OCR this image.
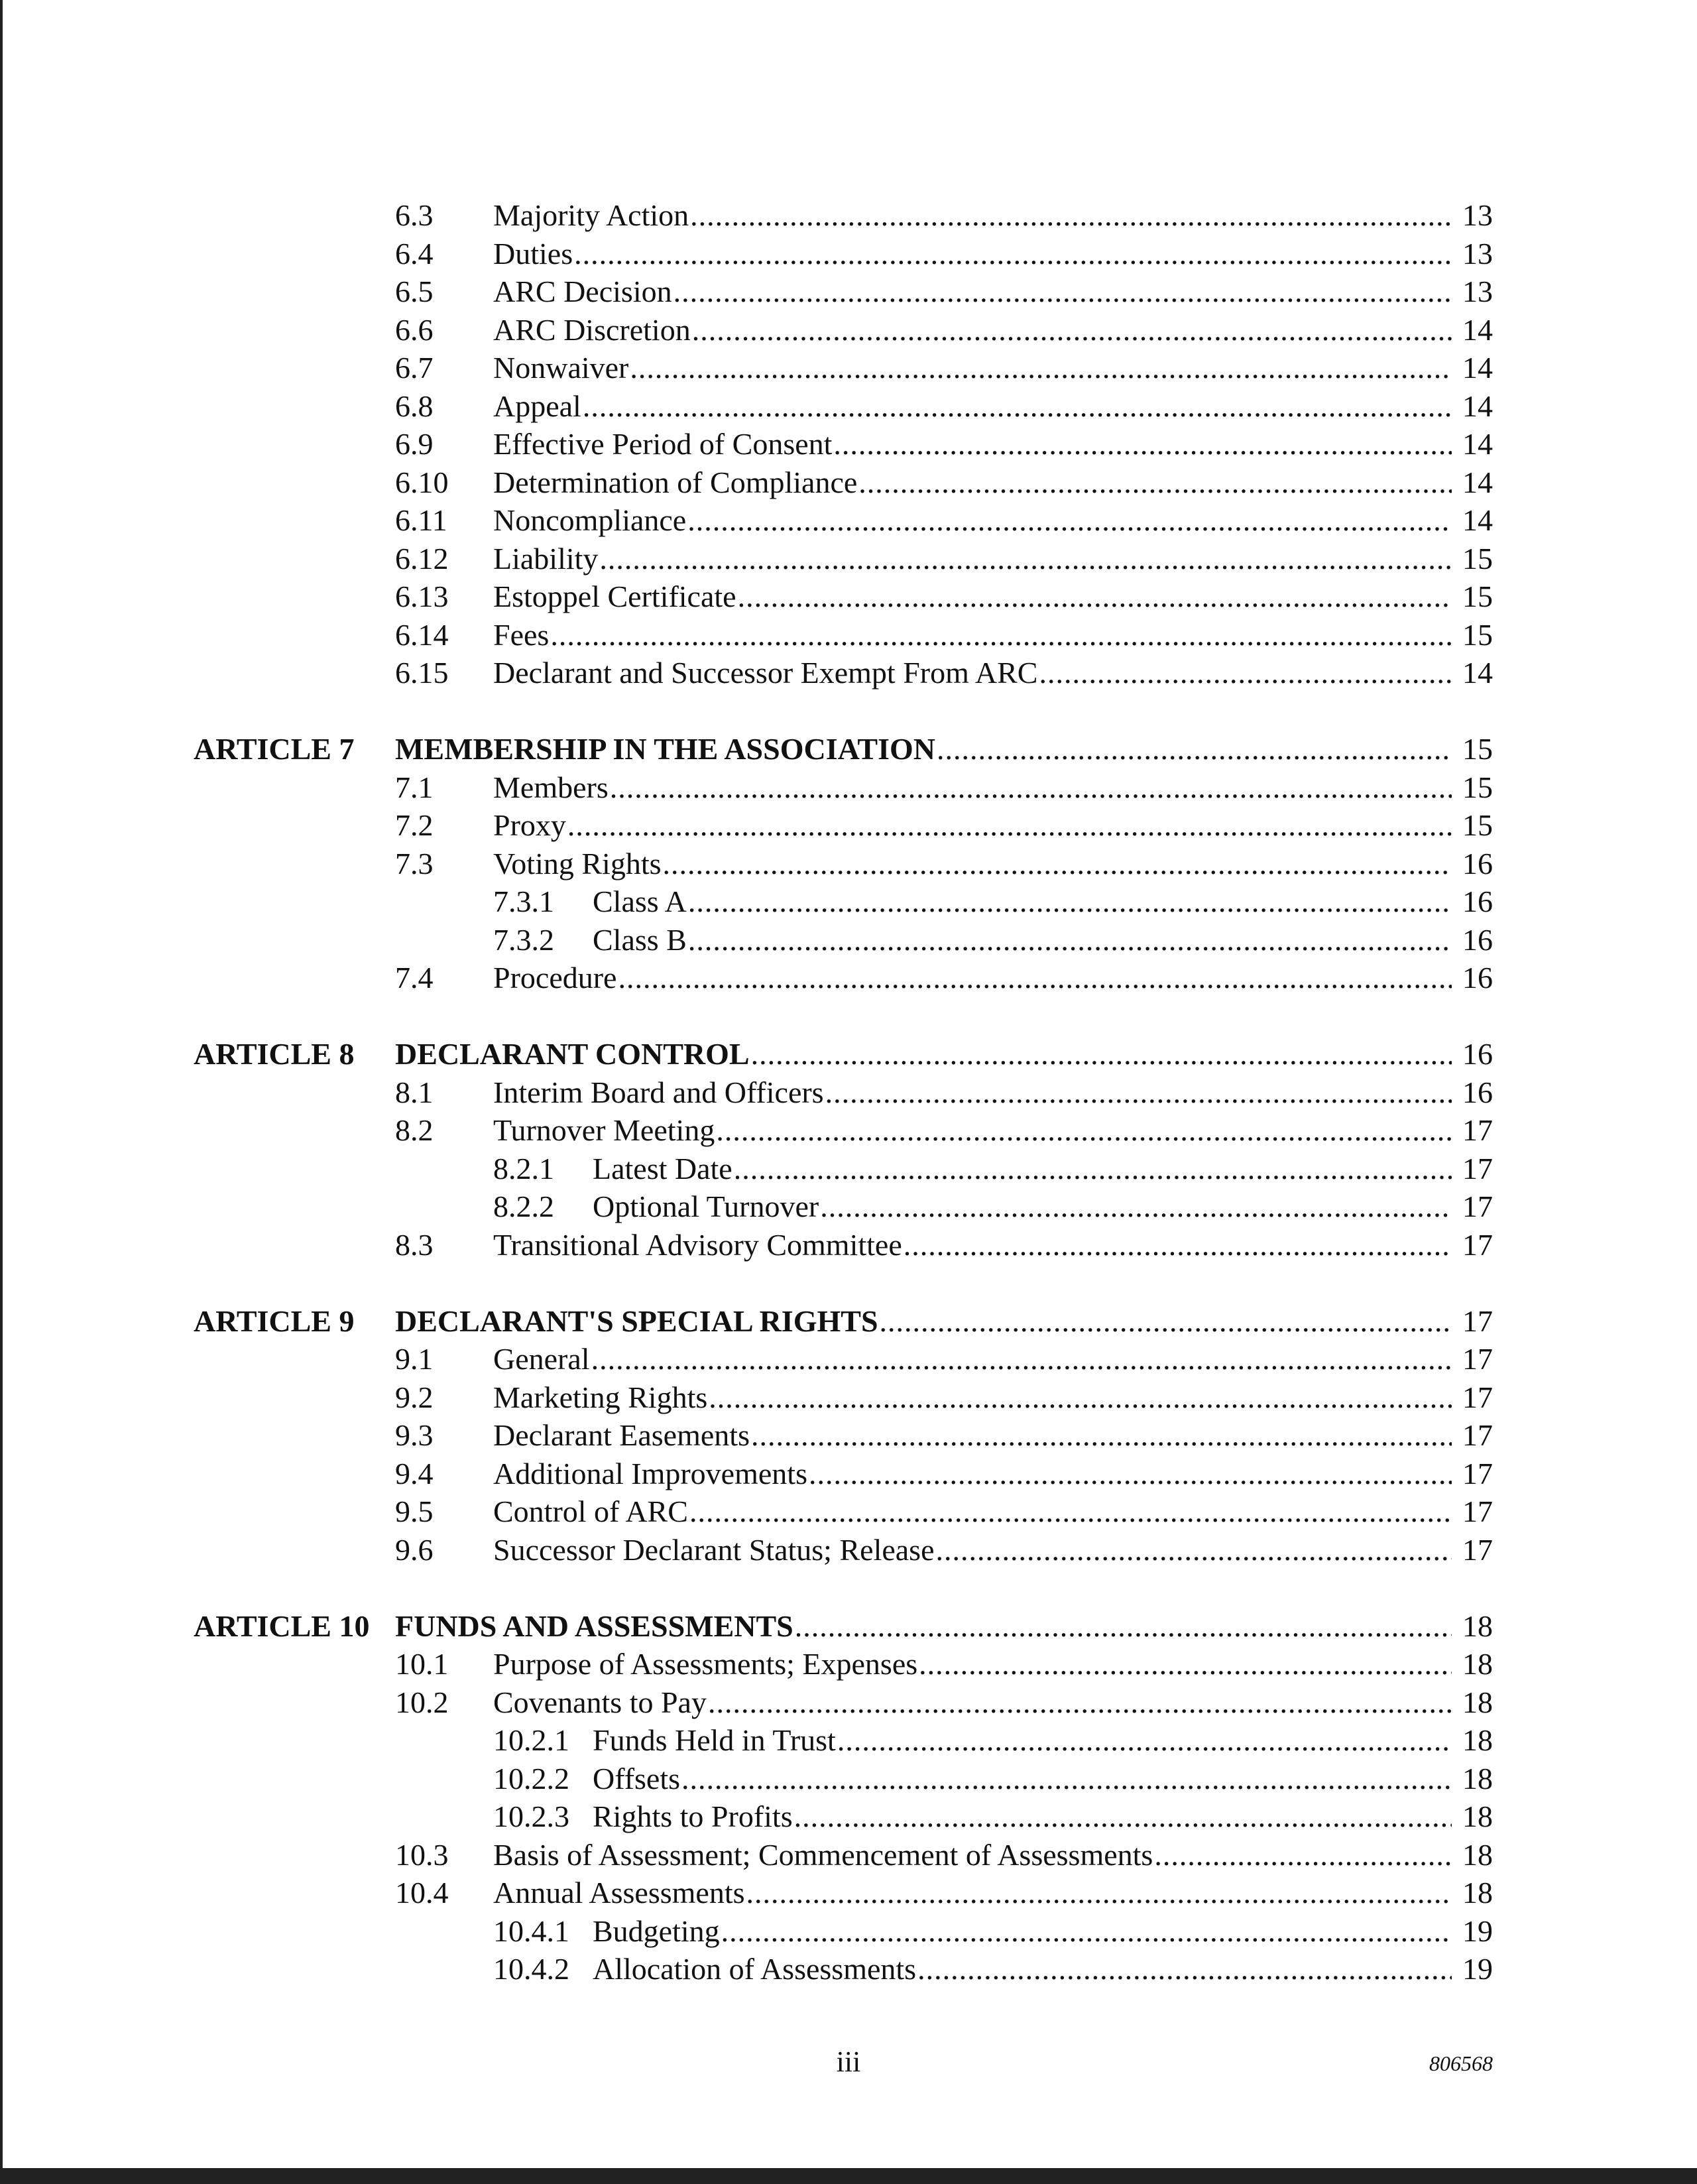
6.3 Majority Action .....	13
6.4 Duties .....	13
6.5 ARC Decision .....	13
6.6 ARC Discretion .....	14
6.7 Nonwaiver .....	14
6.8 Appeal .....	14
6.9 Effective Period of Consent .....	14
6.10 Determination of Compliance .....	14
6.11 Noncompliance .....	14
6.12 Liability .....	15
6.13 Estoppel Certificate .....	15
6.14 Fees .....	15
6.15 Declarant and Successor Exempt From ARC .....	14
ARTICLE 7 MEMBERSHIP IN THE ASSOCIATION .....	15
7.1 Members .....	15
7.2 Proxy .....	15
7.3 Voting Rights .....	16
7.3.1 Class A .....	16
7.3.2 Class B .....	16
7.4 Procedure .....	16
ARTICLE 8 DECLARANT CONTROL .....	16
8.1 Interim Board and Officers .....	16
8.2 Turnover Meeting .....	17
8.2.1 Latest Date .....	17
8.2.2 Optional Turnover .....	17
8.3 Transitional Advisory Committee .....	17
ARTICLE 9 DECLARANT'S SPECIAL RIGHTS .....	17
9.1 General .....	17
9.2 Marketing Rights .....	17
9.3 Declarant Easements .....	17
9.4 Additional Improvements .....	17
9.5 Control of ARC .....	17
9.6 Successor Declarant Status; Release .....	17
ARTICLE 10 FUNDS AND ASSESSMENTS .....	18
10.1 Purpose of Assessments; Expenses .....	18
10.2 Covenants to Pay .....	18
10.2.1 Funds Held in Trust .....	18
10.2.2 Offsets .....	18
10.2.3 Rights to Profits .....	18
10.3 Basis of Assessment; Commencement of Assessments .....	18
10.4 Annual Assessments .....	18
10.4.1 Budgeting .....	19
10.4.2 Allocation of Assessments .....	19
iii	806568
